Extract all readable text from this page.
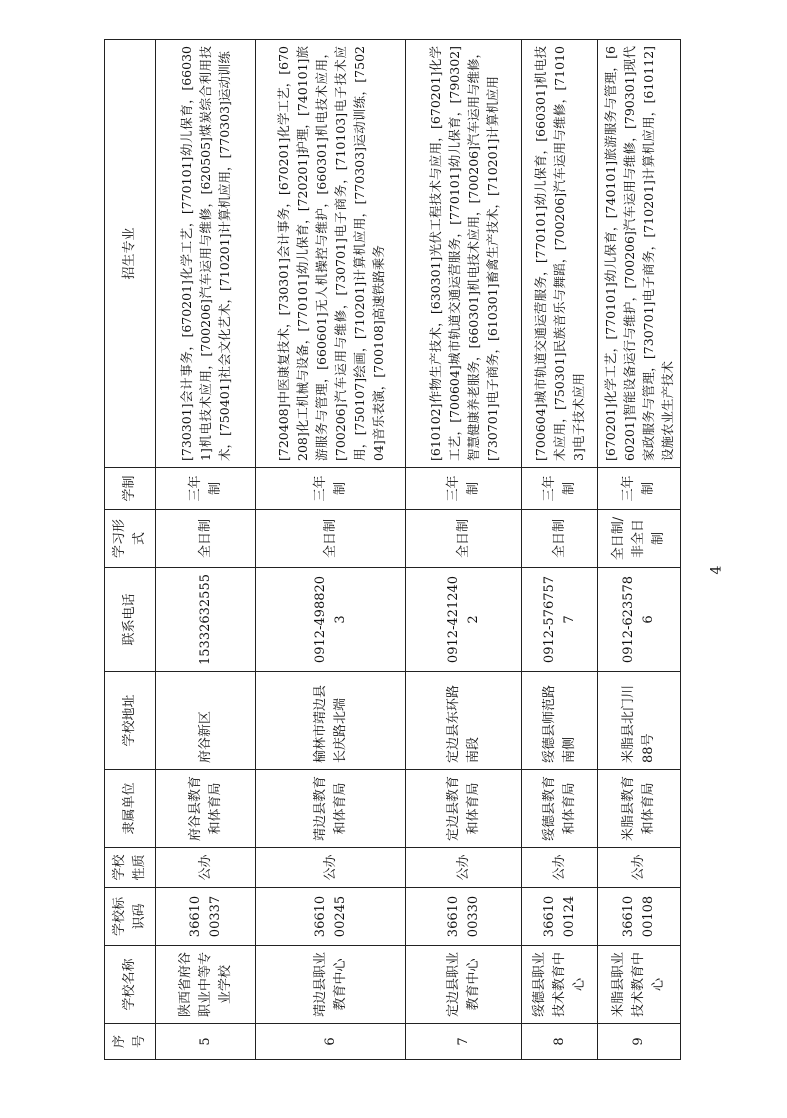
序号	学校名称	学校标识码	学校性质	隶属单位	学校地址	联系电话	学习形式	学制	招生专业
5	陕西省府谷职业中等专业学校	3661000337	公办	府谷县教育和体育局	府谷新区	15332632555	全日制	三年制	[730301]会计事务，[670201]化学工艺，[770101]幼儿保育，[660301]机电技术应用，[700206]汽车运用与维修，[620505]煤炭综合利用技术，[750401]社会文化艺术，[710201]计算机应用，[770303]运动训练
6	靖边县职业教育中心	3661000245	公办	靖边县教育和体育局	榆林市靖边县长庆路北端	0912-4988203	全日制	三年制	[720408]中医康复技术，[730301]会计事务，[670201]化学工艺，[670208]化工机械与设备，[770101]幼儿保育，[720201]护理，[740101]旅游服务与管理，[660601]无人机操控与维护，[660301]机电技术应用，[700206]汽车运用与维修，[730701]电子商务，[710103]电子技术应用，[750107]绘画，[710201]计算机应用，[770303]运动训练，[750204]音乐表演，[700108]高速铁路乘务
7	定边县职业教育中心	3661000330	公办	定边县教育和体育局	定边县东环路南段	0912-4212402	全日制	三年制	[610102]作物生产技术，[630301]光伏工程技术与应用，[670201]化学工艺，[700604]城市轨道交通运营服务，[770101]幼儿保育，[790302]智慧健康养老服务，[660301]机电技术应用，[700206]汽车运用与维修，[730701]电子商务，[610301]畜禽生产技术，[710201]计算机应用
8	绥德县职业技术教育中心	3661000124	公办	绥德县教育和体育局	绥德县师范路南侧	0912-5767577	全日制	三年制	[700604]城市轨道交通运营服务，[770101]幼儿保育，[660301]机电技术应用，[750301]民族音乐与舞蹈，[700206]汽车运用与维修，[710103]电子技术应用
9	米脂县职业技术教育中心	3661000108	公办	米脂县教育和体育局	米脂县北门川88号	0912-6235786	全日制/非全日制	三年制	[670201]化学工艺，[770101]幼儿保育，[740101]旅游服务与管理，[660201]智能设备运行与维护，[700206]汽车运用与维修，[790301]现代家政服务与管理，[730701]电子商务，[710201]计算机应用，[610112]设施农业生产技术
4
